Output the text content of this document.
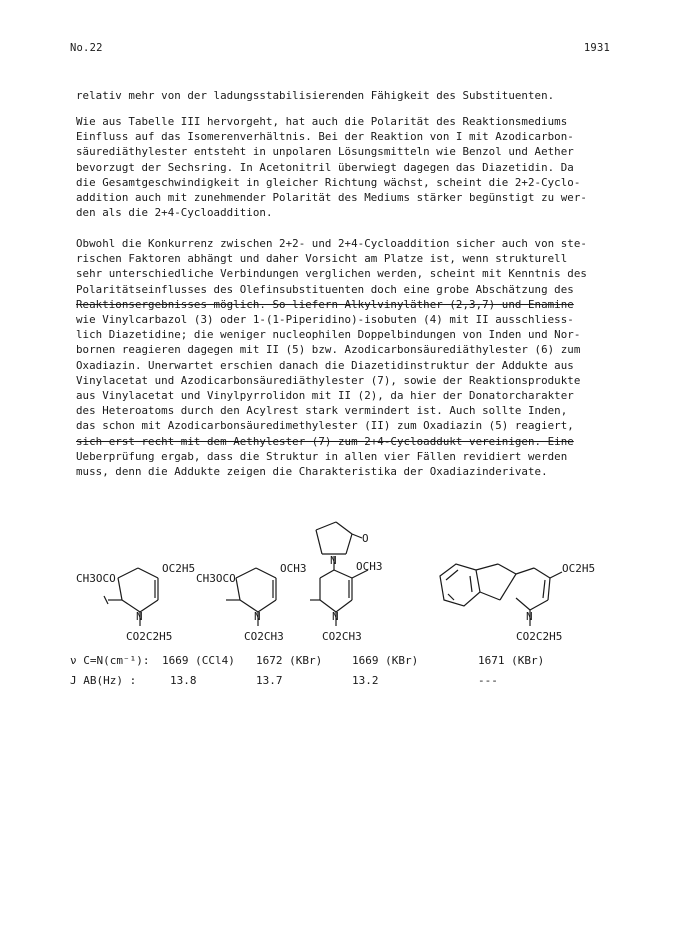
No.22	1931

relativ mehr von der ladungsstabilisierenden Fähigkeit des Substituenten.

Wie aus Tabelle III hervorgeht, hat auch die Polarität des Reaktionsmediums
Einfluss auf das Isomerenverhältnis. Bei der Reaktion von I mit Azodicarbon-
säurediäthylester entsteht in unpolaren Lösungsmitteln wie Benzol und Aether
bevorzugt der Sechsring. In Acetonitril überwiegt dagegen das Diazetidin. Da
die Gesamtgeschwindigkeit in gleicher Richtung wächst, scheint die 2+2-Cyclo-
addition auch mit zunehmender Polarität des Mediums stärker begünstigt zu wer-
den als die 2+4-Cycloaddition.

Obwohl die Konkurrenz zwischen 2+2- und 2+4-Cycloaddition sicher auch von ste-
rischen Faktoren abhängt und daher Vorsicht am Platze ist, wenn strukturell
sehr unterschiedliche Verbindungen verglichen werden, scheint mit Kenntnis des
Polaritätseinflusses des Olefinsubstituenten doch eine grobe Abschätzung des
Reaktionsergebnisses möglich. So liefern Alkylvinyläther (2,3,7) und Enamine
wie Vinylcarbazol (3) oder 1-(1-Piperidino)-isobuten (4) mit II ausschliess-
lich Diazetidine; die weniger nucleophilen Doppelbindungen von Inden und Nor-
bornen reagieren dagegen mit II (5) bzw. Azodicarbonsäurediäthylester (6) zum
Oxadiazin. Unerwartet erschien danach die Diazetidinstruktur der Addukte aus
Vinylacetat und Azodicarbonsäurediäthylester (7), sowie der Reaktionsprodukte
aus Vinylacetat und Vinylpyrrolidon mit II (2), da hier der Donatorcharakter
des Heteroatoms durch den Acylrest stark vermindert ist. Auch sollte Inden,
das schon mit Azodicarbonsäuredimethylester (II) zum Oxadiazin (5) reagiert,
sich erst recht mit dem Aethylester (7) zum 2+4-Cycloaddukt vereinigen. Eine
Ueberprüfung ergab, dass die Struktur in allen vier Fällen revidiert werden
muss, denn die Addukte zeigen die Charakteristika der Oxadiazinderivate.

CH3OCO
OC2H5
N
CO2C2H5
CH3OCO
OCH3
N
CO2CH3
O
OCH3
N
N
CO2CH3
OC2H5
N
CO2C2H5
ν C=N(cm⁻¹): 1669 (CCl4) 1672 (KBr)	1669 (KBr)	1671 (KBr)
J AB(Hz) :	13.8	13.7	13.2	---
